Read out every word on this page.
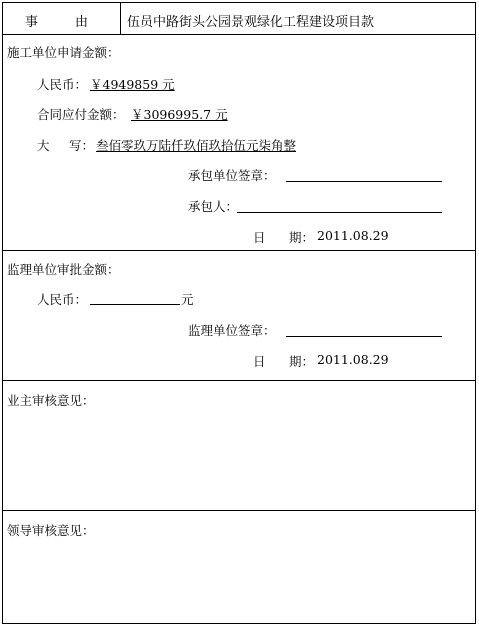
事	由	伍员中路街头公园景观绿化工程建设项目款
施工单位申请金额：
人民币： ￥4949859 元
合同应付金额： ￥3096995.7 元
大 写： 叁佰零玖万陆仟玖佰玖拾伍元柒角整
承包单位签章：
承包人：
日 期： 2011.08.29
监理单位审批金额：
人民币：	元
监理单位签章：
日 期： 2011.08.29
业主审核意见：
领导审核意见：
